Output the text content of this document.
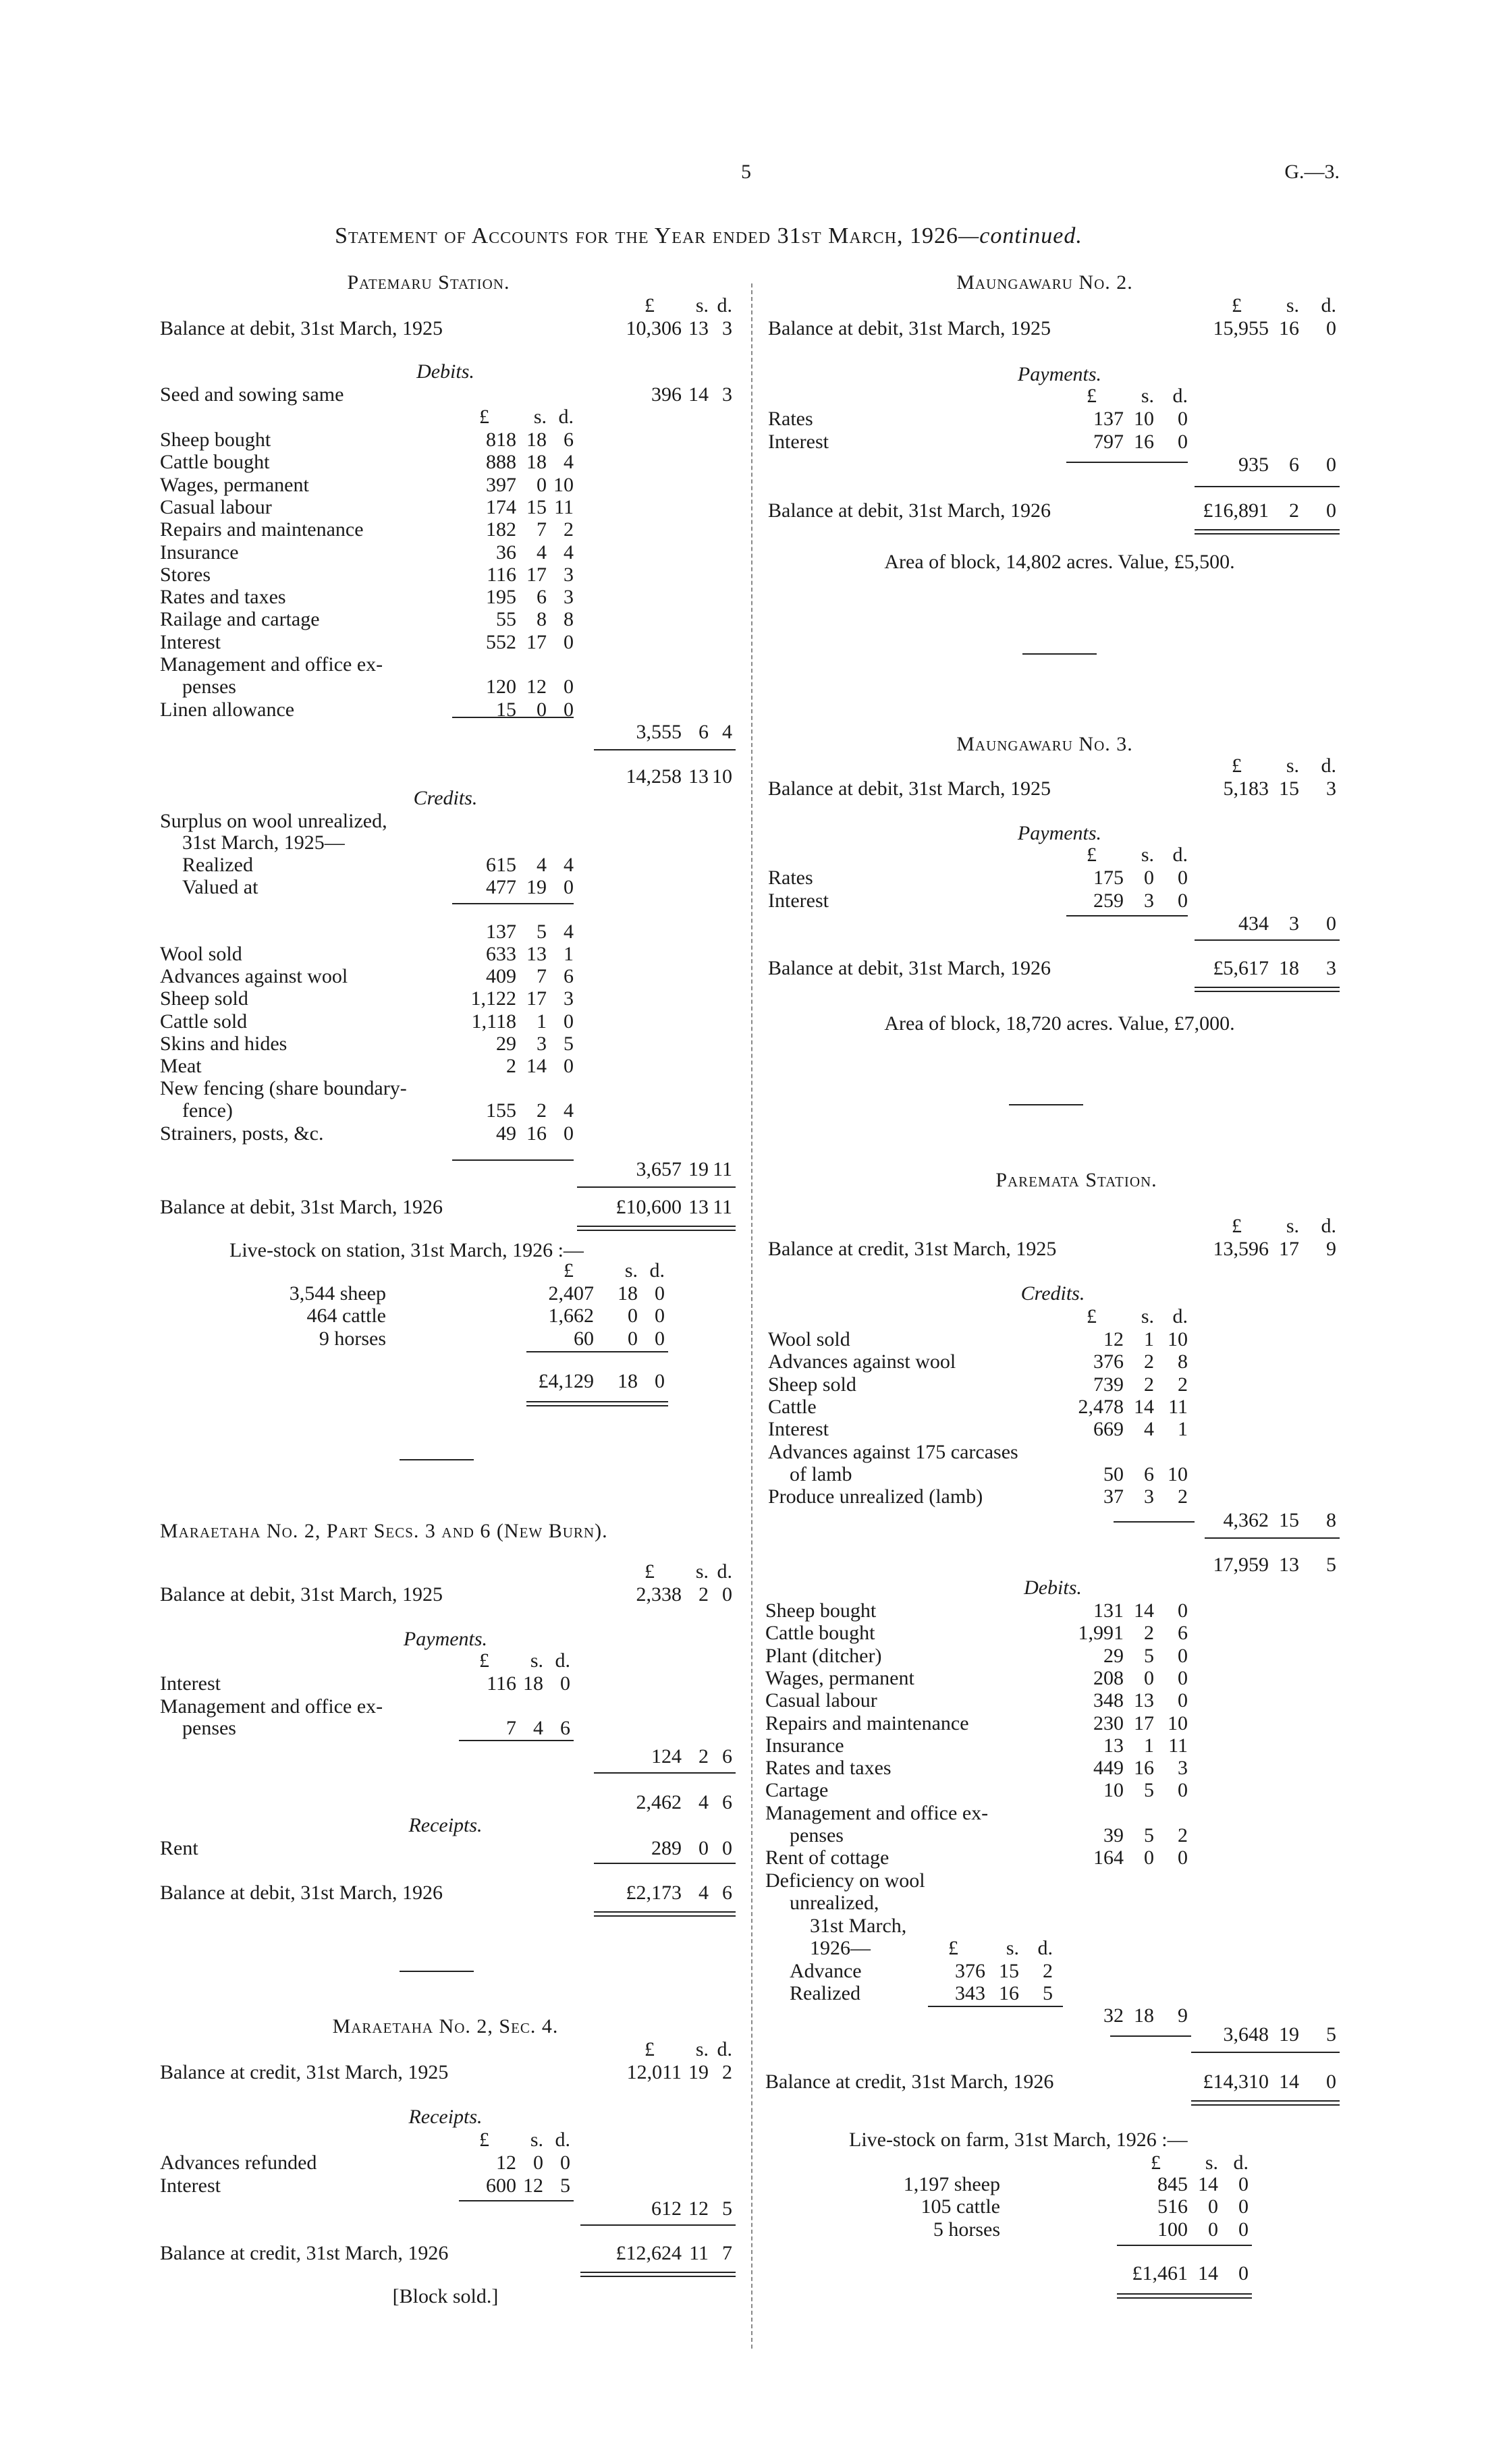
5	G.—3.
Statement of Accounts for the Year ended 31st March, 1926—continued.
Patemaru Station.
£	s. d.
Balance at debit, 31st March, 1925	10,306 13 3
Debits.
Seed and sowing same	396 14 3
£	s. d.
Sheep bought	818 18 6
Cattle bought	888 18 4
Wages, permanent	397	0 10
Casual labour	174 15 11
Repairs and maintenance	182	7 2
Insurance	36	4 4
Stores	116 17 3
Rates and taxes	195	6 3
Railage and cartage	55	8 8
Interest	552 17 0
Management and office ex-
penses	120 12 0
Linen allowance	15	0 0
3,555 6 4
14,258 13 10
Credits.
Surplus on wool unrealized,
31st March, 1925—
Realized	615	4 4
Valued at	477 19 0
137	5 4
Wool sold	633 13 1
Advances against wool	409	7 6
Sheep sold	1,122 17 3
Cattle sold	1,118	1 0
Skins and hides	29	3 5
Meat	2 14 0
New fencing (share boundary-
fence)	155	2 4
Strainers, posts, &c.	49 16 0
3,657 19 11
Balance at debit, 31st March, 1926	£10,600 13 11
Live-stock on station, 31st March, 1926 :—
£	s. d.
3,544 sheep	2,407	18 0
464 cattle	1,662	0 0
9 horses	60	0 0
£4,129	18 0
Maraetaha No. 2, Part Secs. 3 and 6 (New Burn).
£	s. d.
Balance at debit, 31st March, 1925	2,338 2 0
Payments.
£	s. d.
Interest	116 18 0
Management and office ex-
penses	7 4 6
124 2 6
2,462 4 6
Receipts.
Rent	289 0 0
Balance at debit, 31st March, 1926	£2,173 4 6
Maraetaha No. 2, Sec. 4.
£	s. d.
Balance at credit, 31st March, 1925	12,011 19 2
Receipts.
£	s. d.
Advances refunded	12 0 0
Interest	600 12 5
612 12 5
Balance at credit, 31st March, 1926	£12,624 11 7
[Block sold.]
Maungawaru No. 2.
£	s.	d.
Balance at debit, 31st March, 1925	15,955 16	0
Payments.
£	s. d.
Rates	137 10	0
Interest	797 16	0
935	6	0
Balance at debit, 31st March, 1926	£16,891	2	0
Area of block, 14,802 acres. Value, £5,500.
Maungawaru No. 3.
£	s.	d.
Balance at debit, 31st March, 1925	5,183 15	3
Payments.
£	s. d.
Rates	175	0	0
Interest	259	3	0
434	3	0
Balance at debit, 31st March, 1926	£5,617 18	3
Area of block, 18,720 acres. Value, £7,000.
Paremata Station.
£	s.	d.
Balance at credit, 31st March, 1925	13,596 17	9
Credits.
£	s. d.
Wool sold	12	1 10
Advances against wool	376	2	8
Sheep sold	739	2	2
Cattle	2,478 14 11
Interest	669	4	1
Advances against 175 carcases
of lamb	50	6 10
Produce unrealized (lamb)	37	3	2
4,362 15	8
17,959 13	5
Debits.
Sheep bought	131 14	0
Cattle bought	1,991	2	6
Plant (ditcher)	29	5	0
Wages, permanent	208	0	0
Casual labour	348 13	0
Repairs and maintenance	230 17 10
Insurance	13	1 11
Rates and taxes	449 16	3
Cartage	10	5	0
Management and office ex-
penses	39	5	2
Rent of cottage	164	0	0
Deficiency on wool
unrealized,
31st March,
1926—	£	s. d.
Advance	376 15	2
Realized	343 16	5
32 18	9
3,648 19	5
Balance at credit, 31st March, 1926	£14,310 14	0
Live-stock on farm, 31st March, 1926 :—
£	s. d.
1,197 sheep	845 14	0
105 cattle	516	0	0
5 horses	100	0	0
£1,461 14	0
